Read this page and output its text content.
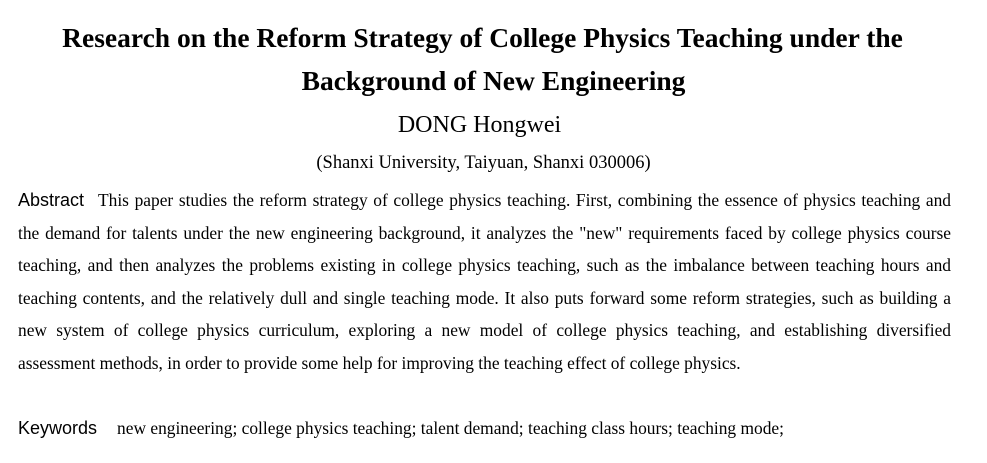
Research on the Reform Strategy of College Physics Teaching under the
Background of New Engineering
DONG Hongwei
(Shanxi University, Taiyuan, Shanxi 030006)
Abstract This paper studies the reform strategy of college physics teaching. First, combining the essence of physics teaching and the demand for talents under the new engineering background, it analyzes the "new" requirements faced by college physics course teaching, and then analyzes the problems existing in college physics teaching, such as the imbalance between teaching hours and teaching contents, and the relatively dull and single teaching mode. It also puts forward some reform strategies, such as building a new system of college physics curriculum, exploring a new model of college physics teaching, and establishing diversified assessment methods, in order to provide some help for improving the teaching effect of college physics.
Keywords new engineering; college physics teaching; talent demand; teaching class hours; teaching mode;
